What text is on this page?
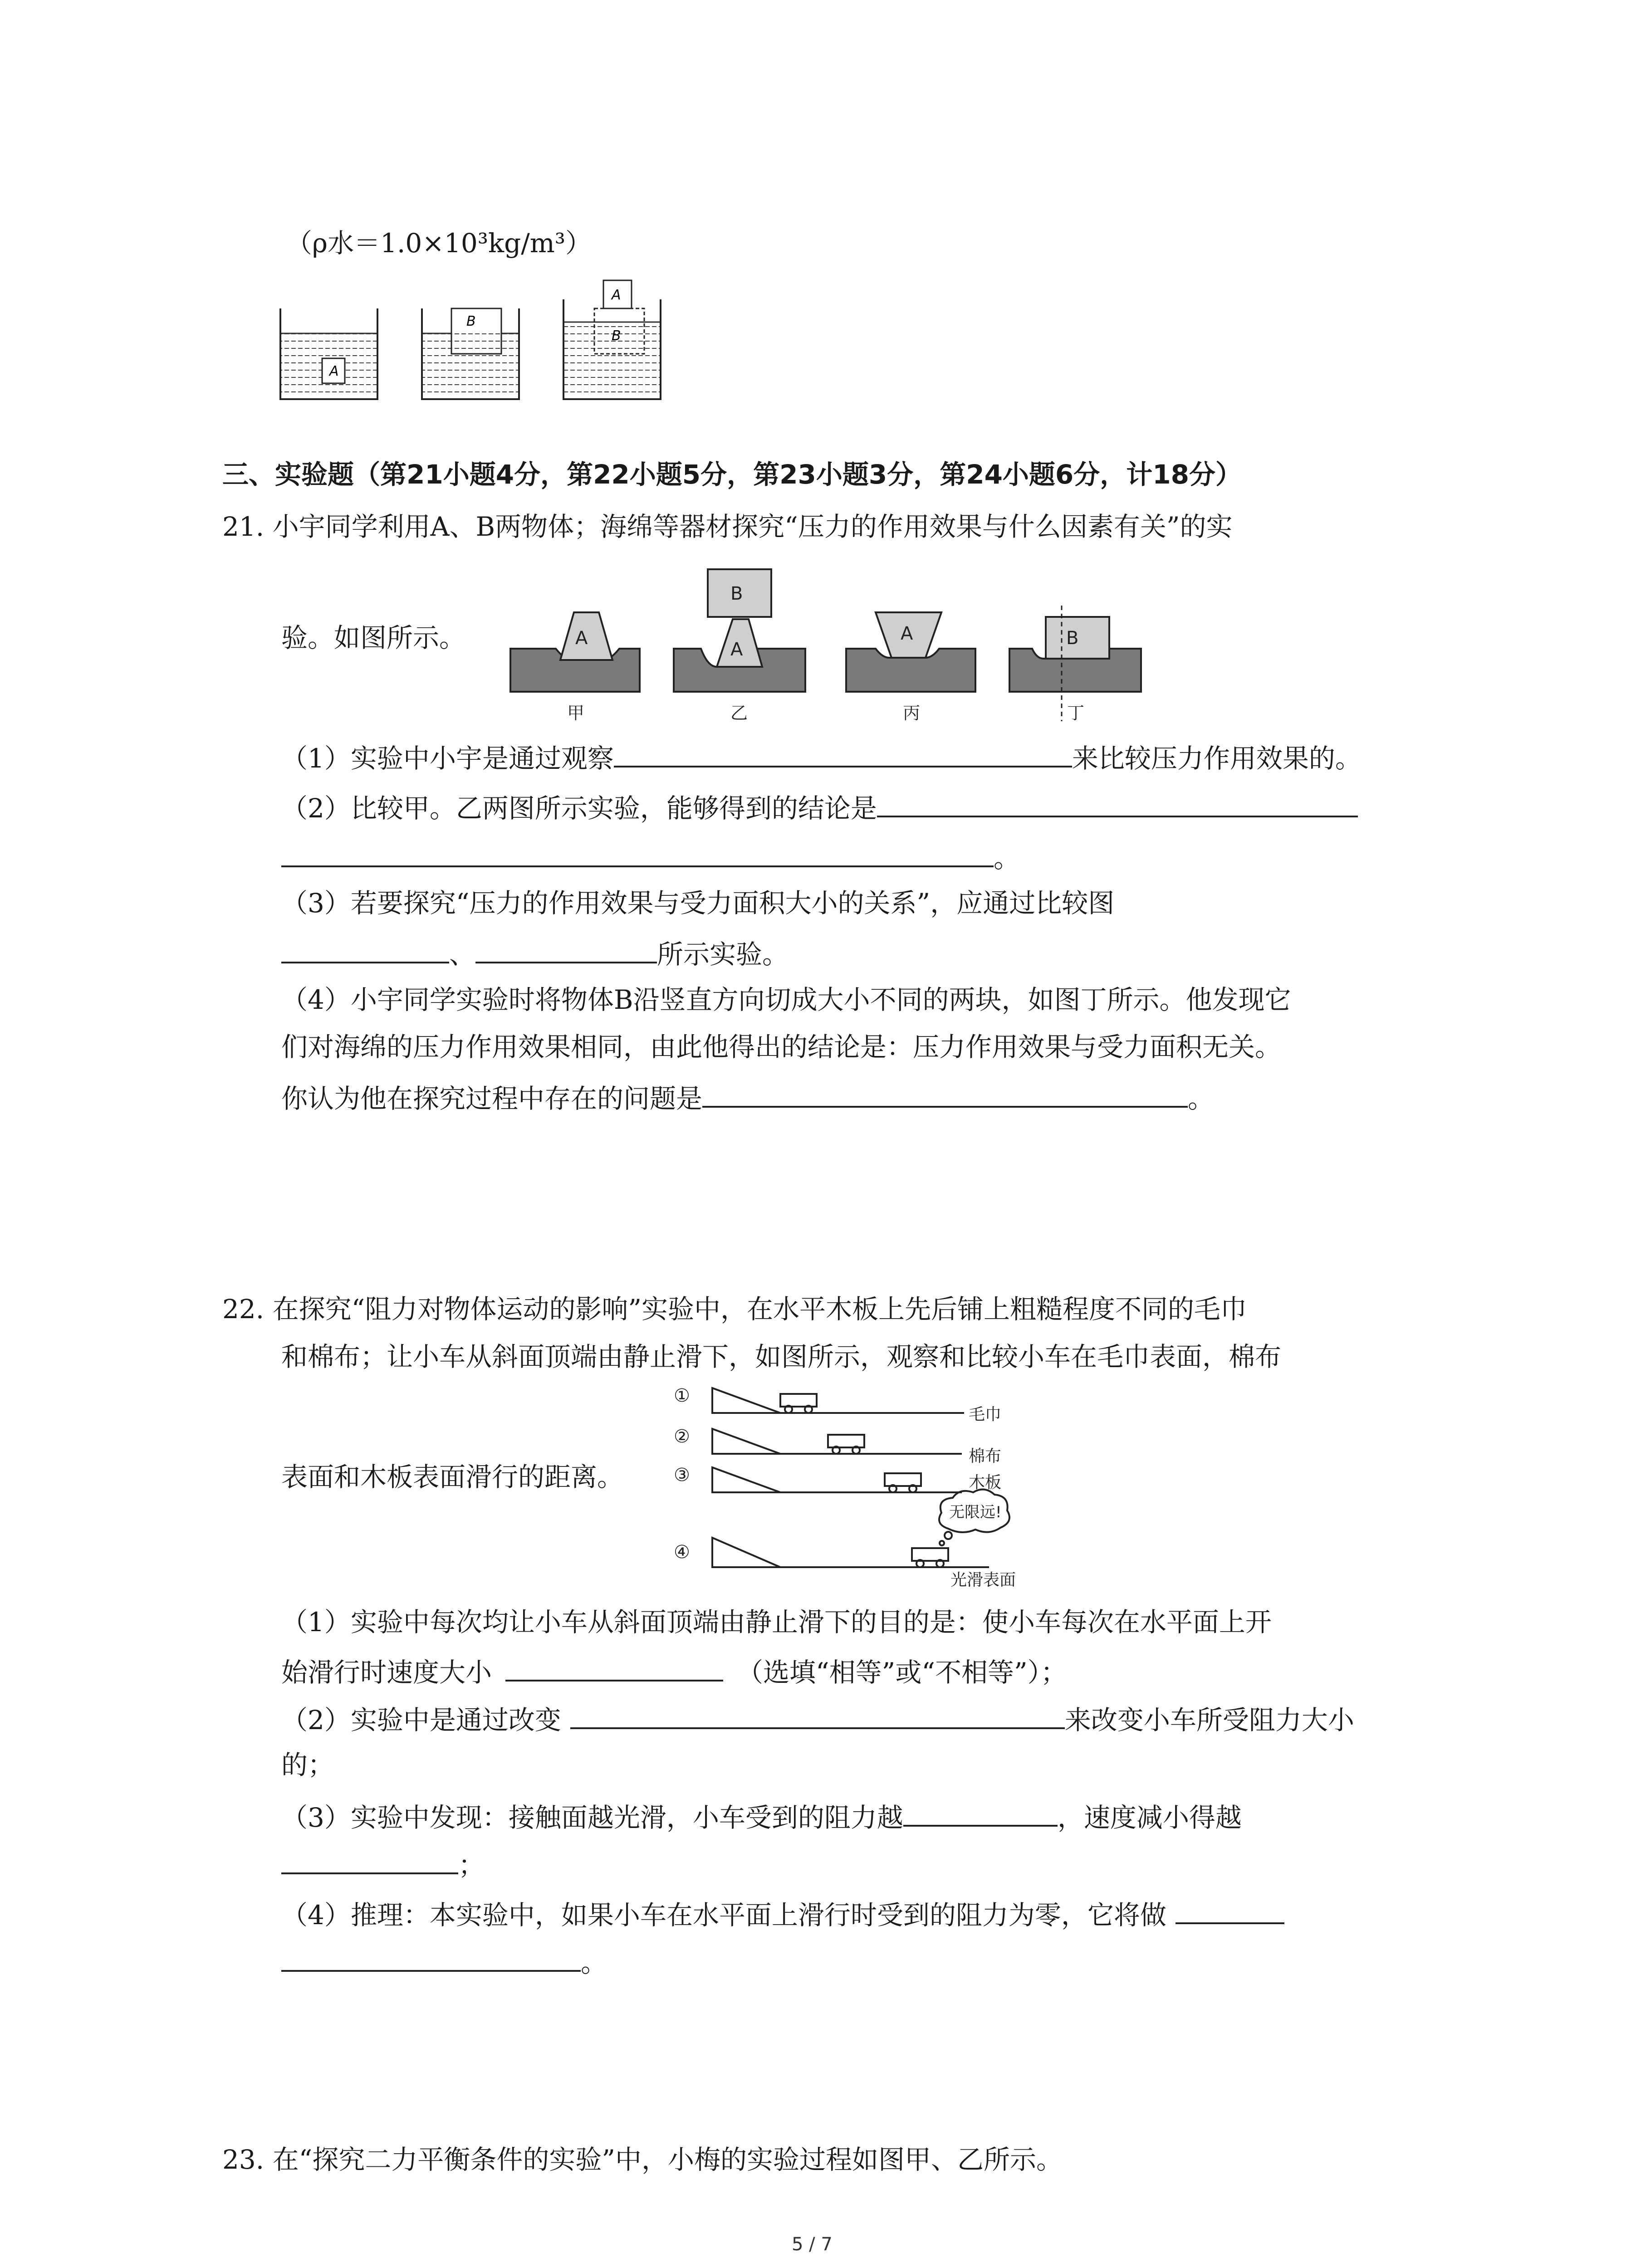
（ρ水＝1.0×10³kg/m³）
A
B
A
B
三、实验题（第21小题4分，第22小题5分，第23小题3分，第24小题6分，计18分）
21. 小宇同学利用A、B两物体；海绵等器材探究“压力的作用效果与什么因素有关”的实
验。如图所示。	A
A
B
A	B
甲	乙	丙	丁
（1）实验中小宇是通过观察	来比较压力作用效果的。
（2）比较甲。乙两图所示实验，能够得到的结论是
。
（3）若要探究“压力的作用效果与受力面积大小的关系”，应通过比较图
、	所示实验。
（4）小宇同学实验时将物体B沿竖直方向切成大小不同的两块，如图丁所示。他发现它
们对海绵的压力作用效果相同，由此他得出的结论是：压力作用效果与受力面积无关。
你认为他在探究过程中存在的问题是	。
22. 在探究“阻力对物体运动的影响”实验中，在水平木板上先后铺上粗糙程度不同的毛巾
和棉布；让小车从斜面顶端由静止滑下，如图所示，观察和比较小车在毛巾表面，棉布
表面和木板表面滑行的距离。
①
②
③
④
毛巾
棉布
木板
光滑表面
无限远!
（1）实验中每次均让小车从斜面顶端由静止滑下的目的是：使小车每次在水平面上开
始滑行时速度大小	（选填“相等”或“不相等”）；
（2）实验中是通过改变	来改变小车所受阻力大小
的；
（3）实验中发现：接触面越光滑，小车受到的阻力越	，速度减小得越
；
（4）推理：本实验中，如果小车在水平面上滑行时受到的阻力为零，它将做
。
23. 在“探究二力平衡条件的实验”中，小梅的实验过程如图甲、乙所示。
5 / 7
